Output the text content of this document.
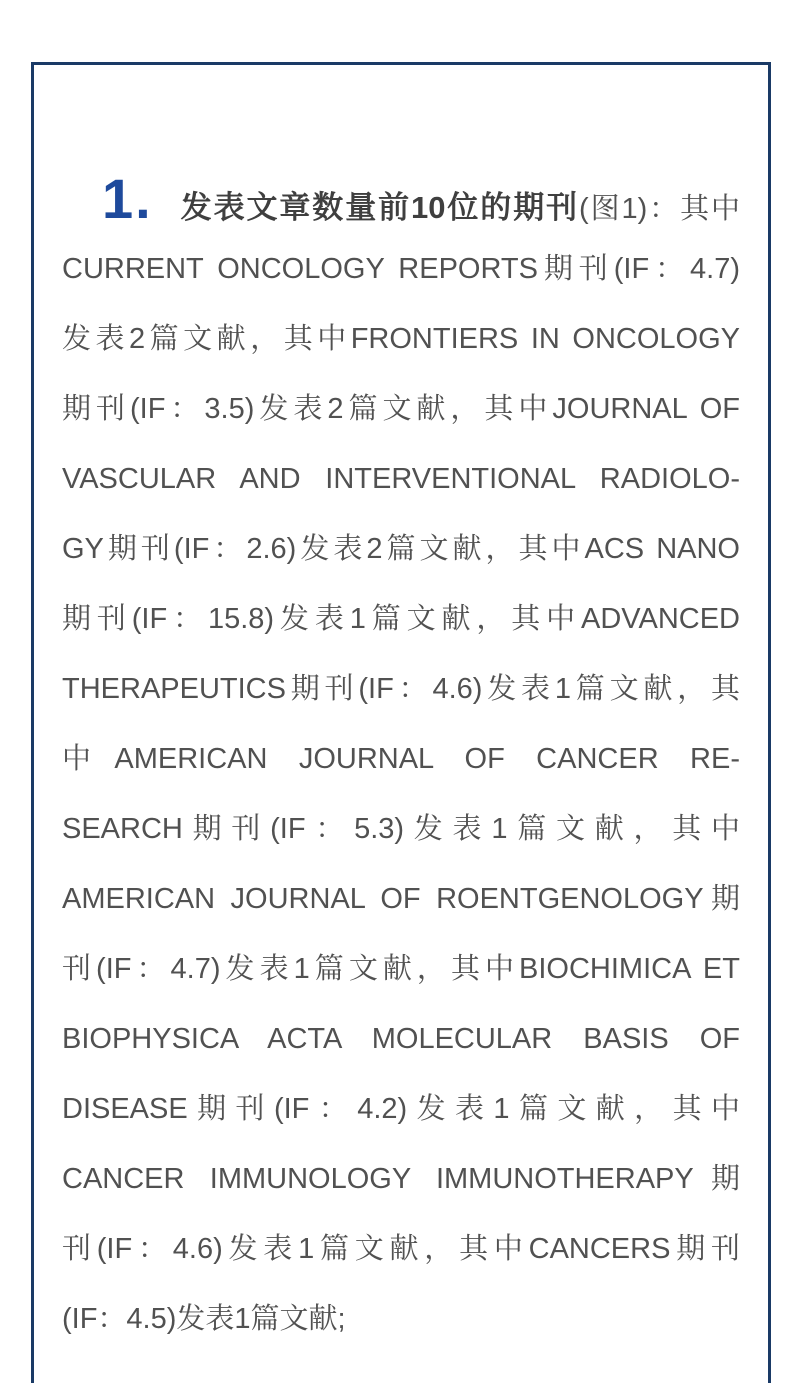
1. 发表文章数量前10位的期刊(图1)：其中
CURRENT ONCOLOGY REPORTS期刊(IF：4.7)
发表2篇文献，其中FRONTIERS IN ONCOLOGY
期刊(IF：3.5)发表2篇文献，其中JOURNAL OF
VASCULAR AND INTERVENTIONAL RADIOLO-
GY期刊(IF：2.6)发表2篇文献，其中ACS NANO
期刊(IF：15.8)发表1篇文献，其中ADVANCED
THERAPEUTICS期刊(IF：4.6)发表1篇文献，其
中AMERICAN JOURNAL OF CANCER RE-
SEARCH期刊(IF：5.3)发表1篇文献，其中
AMERICAN JOURNAL OF ROENTGENOLOGY期
刊(IF：4.7)发表1篇文献，其中BIOCHIMICA ET
BIOPHYSICA ACTA MOLECULAR BASIS OF
DISEASE期刊(IF：4.2)发表1篇文献，其中
CANCER IMMUNOLOGY IMMUNOTHERAPY期
刊(IF：4.6)发表1篇文献，其中CANCERS期刊
(IF：4.5)发表1篇文献;
